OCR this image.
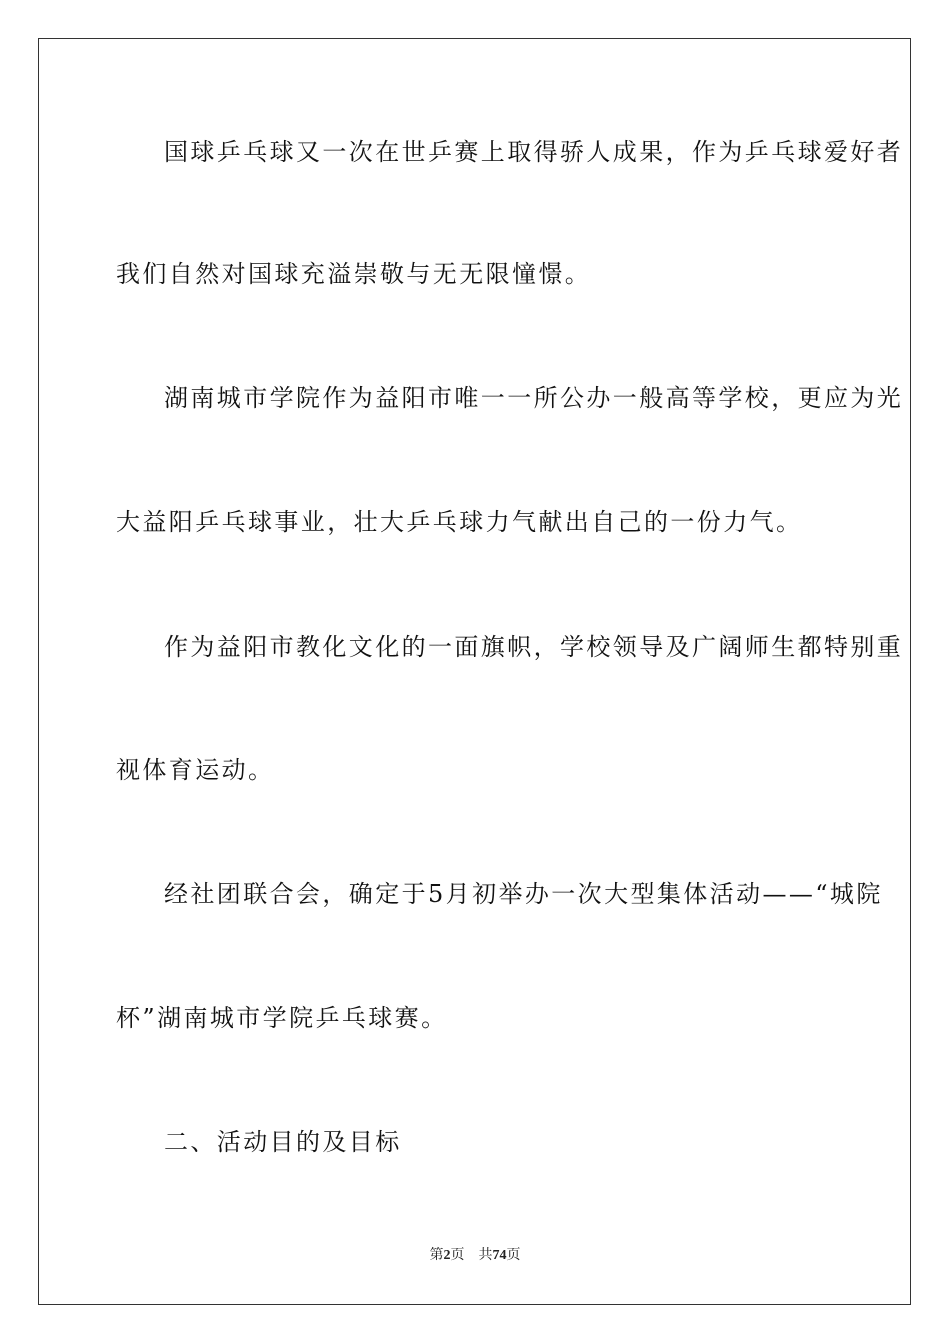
国球乒乓球又一次在世乒赛上取得骄人成果，作为乒乓球爱好者
我们自然对国球充溢崇敬与无无限憧憬。
湖南城市学院作为益阳市唯一一所公办一般高等学校，更应为光
大益阳乒乓球事业，壮大乒乓球力气献出自己的一份力气。
作为益阳市教化文化的一面旗帜，学校领导及广阔师生都特别重
视体育运动。
经社团联合会，确定于5月初举办一次大型集体活动——“城院
杯”湖南城市学院乒乓球赛。
二、活动目的及目标
第2页 共74页
